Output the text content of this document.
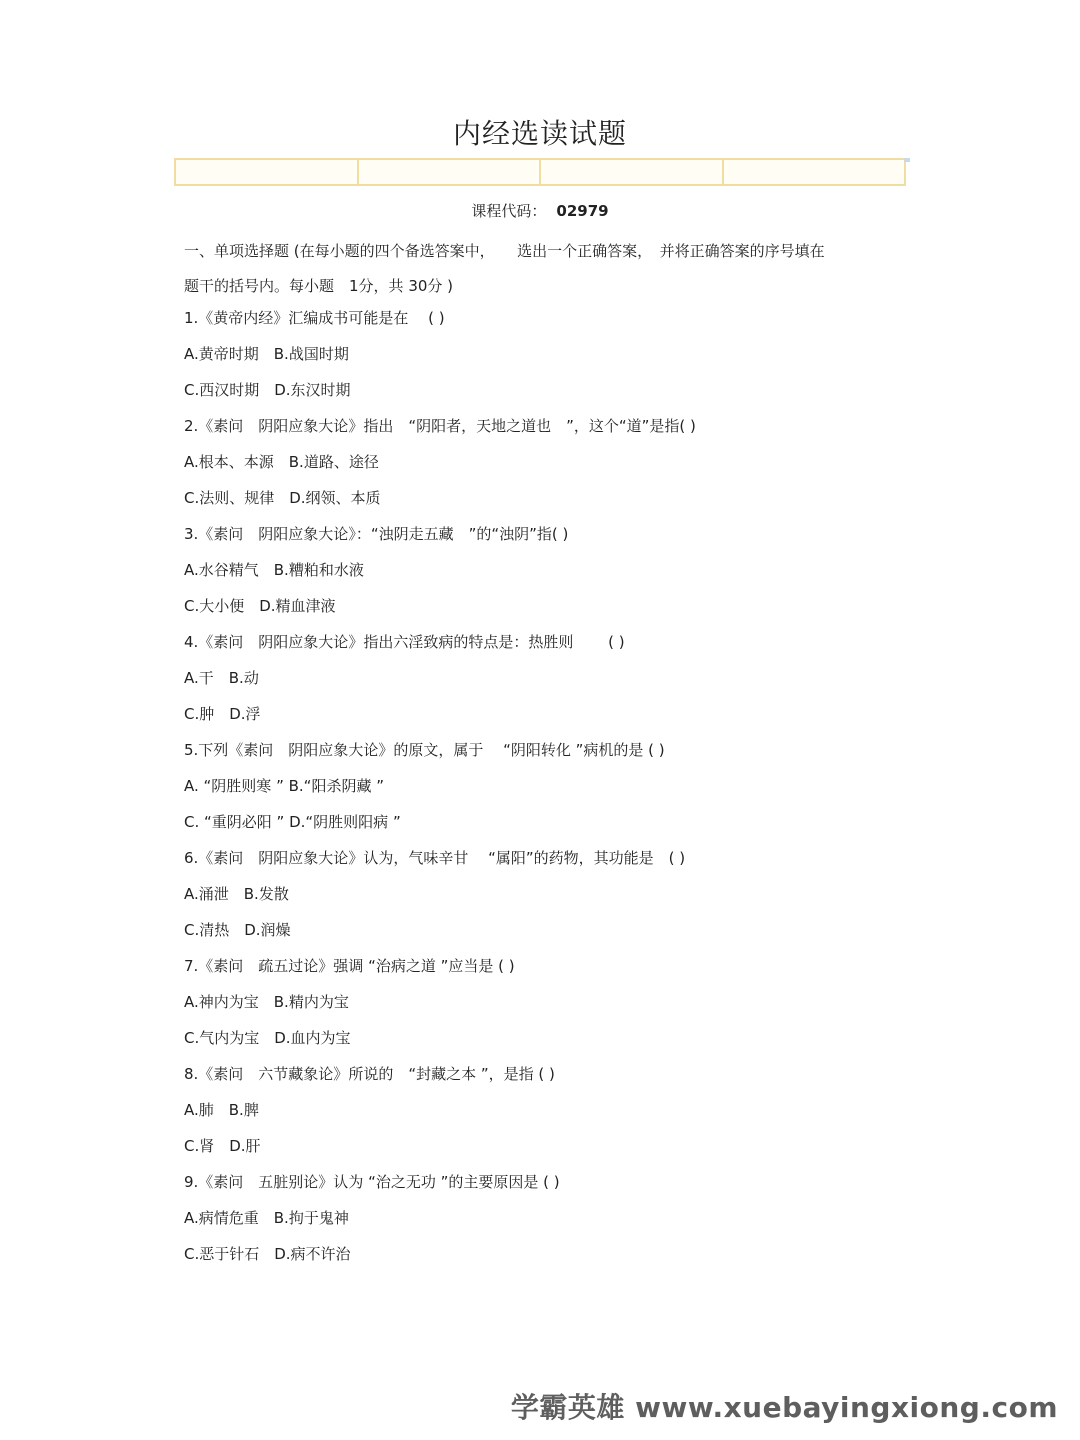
内经选读试题
课程代码： 02979
一、单项选择题 (在每小题的四个备选答案中，　　选出一个正确答案，　并将正确答案的序号填在
题干的括号内。每小题　1分，共 30分 )
1.《黄帝内经》汇编成书可能是在　 ( )
A.黄帝时期　B.战国时期
C.西汉时期　D.东汉时期
2.《素问　阴阳应象大论》指出　“阴阳者，天地之道也　”，这个“道”是指( )
A.根本、本源　B.道路、途径
C.法则、规律　D.纲领、本质
3.《素问　阴阳应象大论》：“浊阴走五藏　”的“浊阴”指( )
A.水谷精气　B.糟粕和水液
C.大小便　D.精血津液
4.《素问　阴阳应象大论》指出六淫致病的特点是：热胜则　　 ( )
A.干　B.动
C.肿　D.浮
5.下列《素问　阴阳应象大论》的原文，属于　 “阴阳转化 ”病机的是 ( )
A. “阴胜则寒 ” B.“阳杀阴藏 ”
C. “重阴必阳 ” D.“阴胜则阳病 ”
6.《素问　阴阳应象大论》认为，气味辛甘　 “属阳”的药物，其功能是　( )
A.涌泄　B.发散
C.清热　D.润燥
7.《素问　疏五过论》强调 “治病之道 ”应当是 ( )
A.神内为宝　B.精内为宝
C.气内为宝　D.血内为宝
8.《素问　六节藏象论》所说的　“封藏之本 ”，是指 ( )
A.肺　B.脾
C.肾　D.肝
9.《素问　五脏别论》认为 “治之无功 ”的主要原因是 ( )
A.病情危重　B.拘于鬼神
C.恶于针石　D.病不许治
学霸英雄 www.xuebayingxiong.com
